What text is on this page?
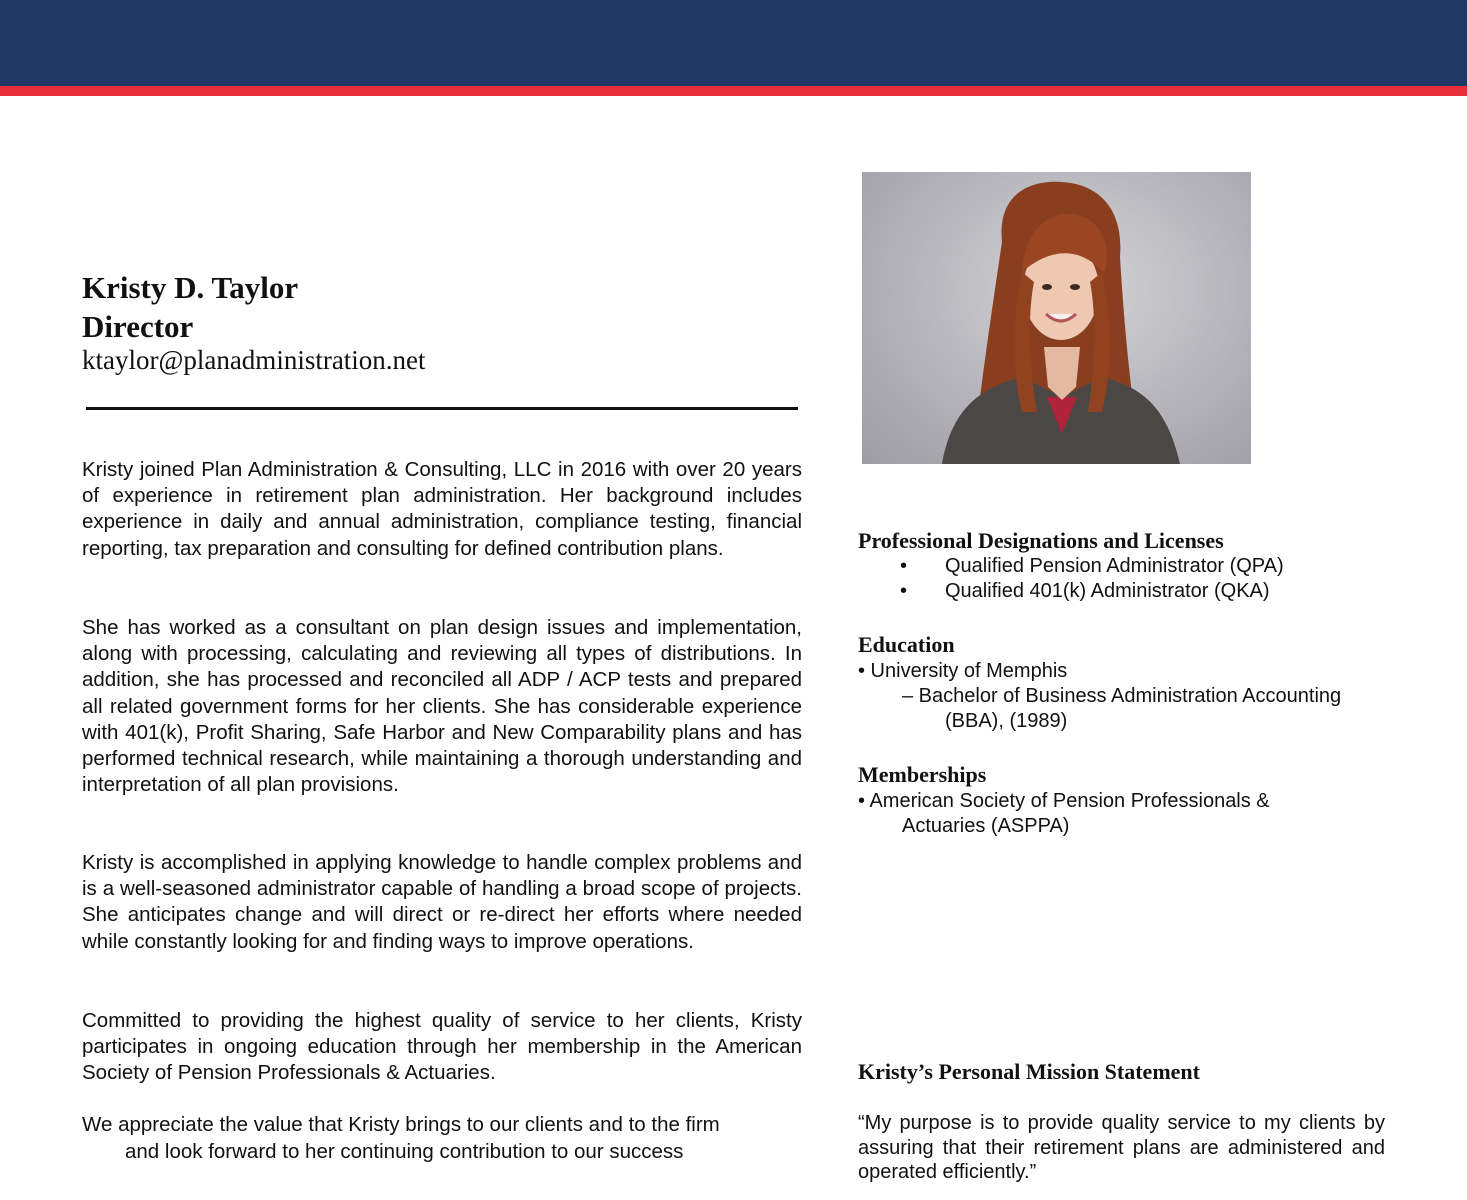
Kristy D. Taylor
Director
ktaylor@planadministration.net

Kristy joined Plan Administration & Consulting, LLC in 2016 with over 20 years of experience in retirement plan administration. Her background includes experience in daily and annual administration, compliance testing, financial reporting, tax preparation and consulting for defined contribution plans.

She has worked as a consultant on plan design issues and implementation, along with processing, calculating and reviewing all types of distributions. In addition, she has processed and reconciled all ADP / ACP tests and prepared all related government forms for her clients. She has considerable experience with 401(k), Profit Sharing, Safe Harbor and New Comparability plans and has performed technical research, while maintaining a thorough understanding and interpretation of all plan provisions.

Kristy is accomplished in applying knowledge to handle complex problems and is a well-seasoned administrator capable of handling a broad scope of projects. She anticipates change and will direct or re-direct her efforts where needed while constantly looking for and finding ways to improve operations.

Committed to providing the highest quality of service to her clients, Kristy participates in ongoing education through her membership in the American Society of Pension Professionals & Actuaries.

We appreciate the value that Kristy brings to our clients and to the firm
and look forward to her continuing contribution to our success
Professional Designations and Licenses
• Qualified Pension Administrator (QPA)
• Qualified 401(k) Administrator (QKA)
Education
• University of Memphis
– Bachelor of Business Administration Accounting
(BBA), (1989)
Memberships
• American Society of Pension Professionals &
Actuaries (ASPPA)
Kristy’s Personal Mission Statement

“My purpose is to provide quality service to my clients by assuring that their retirement plans are administered and operated efficiently.”
